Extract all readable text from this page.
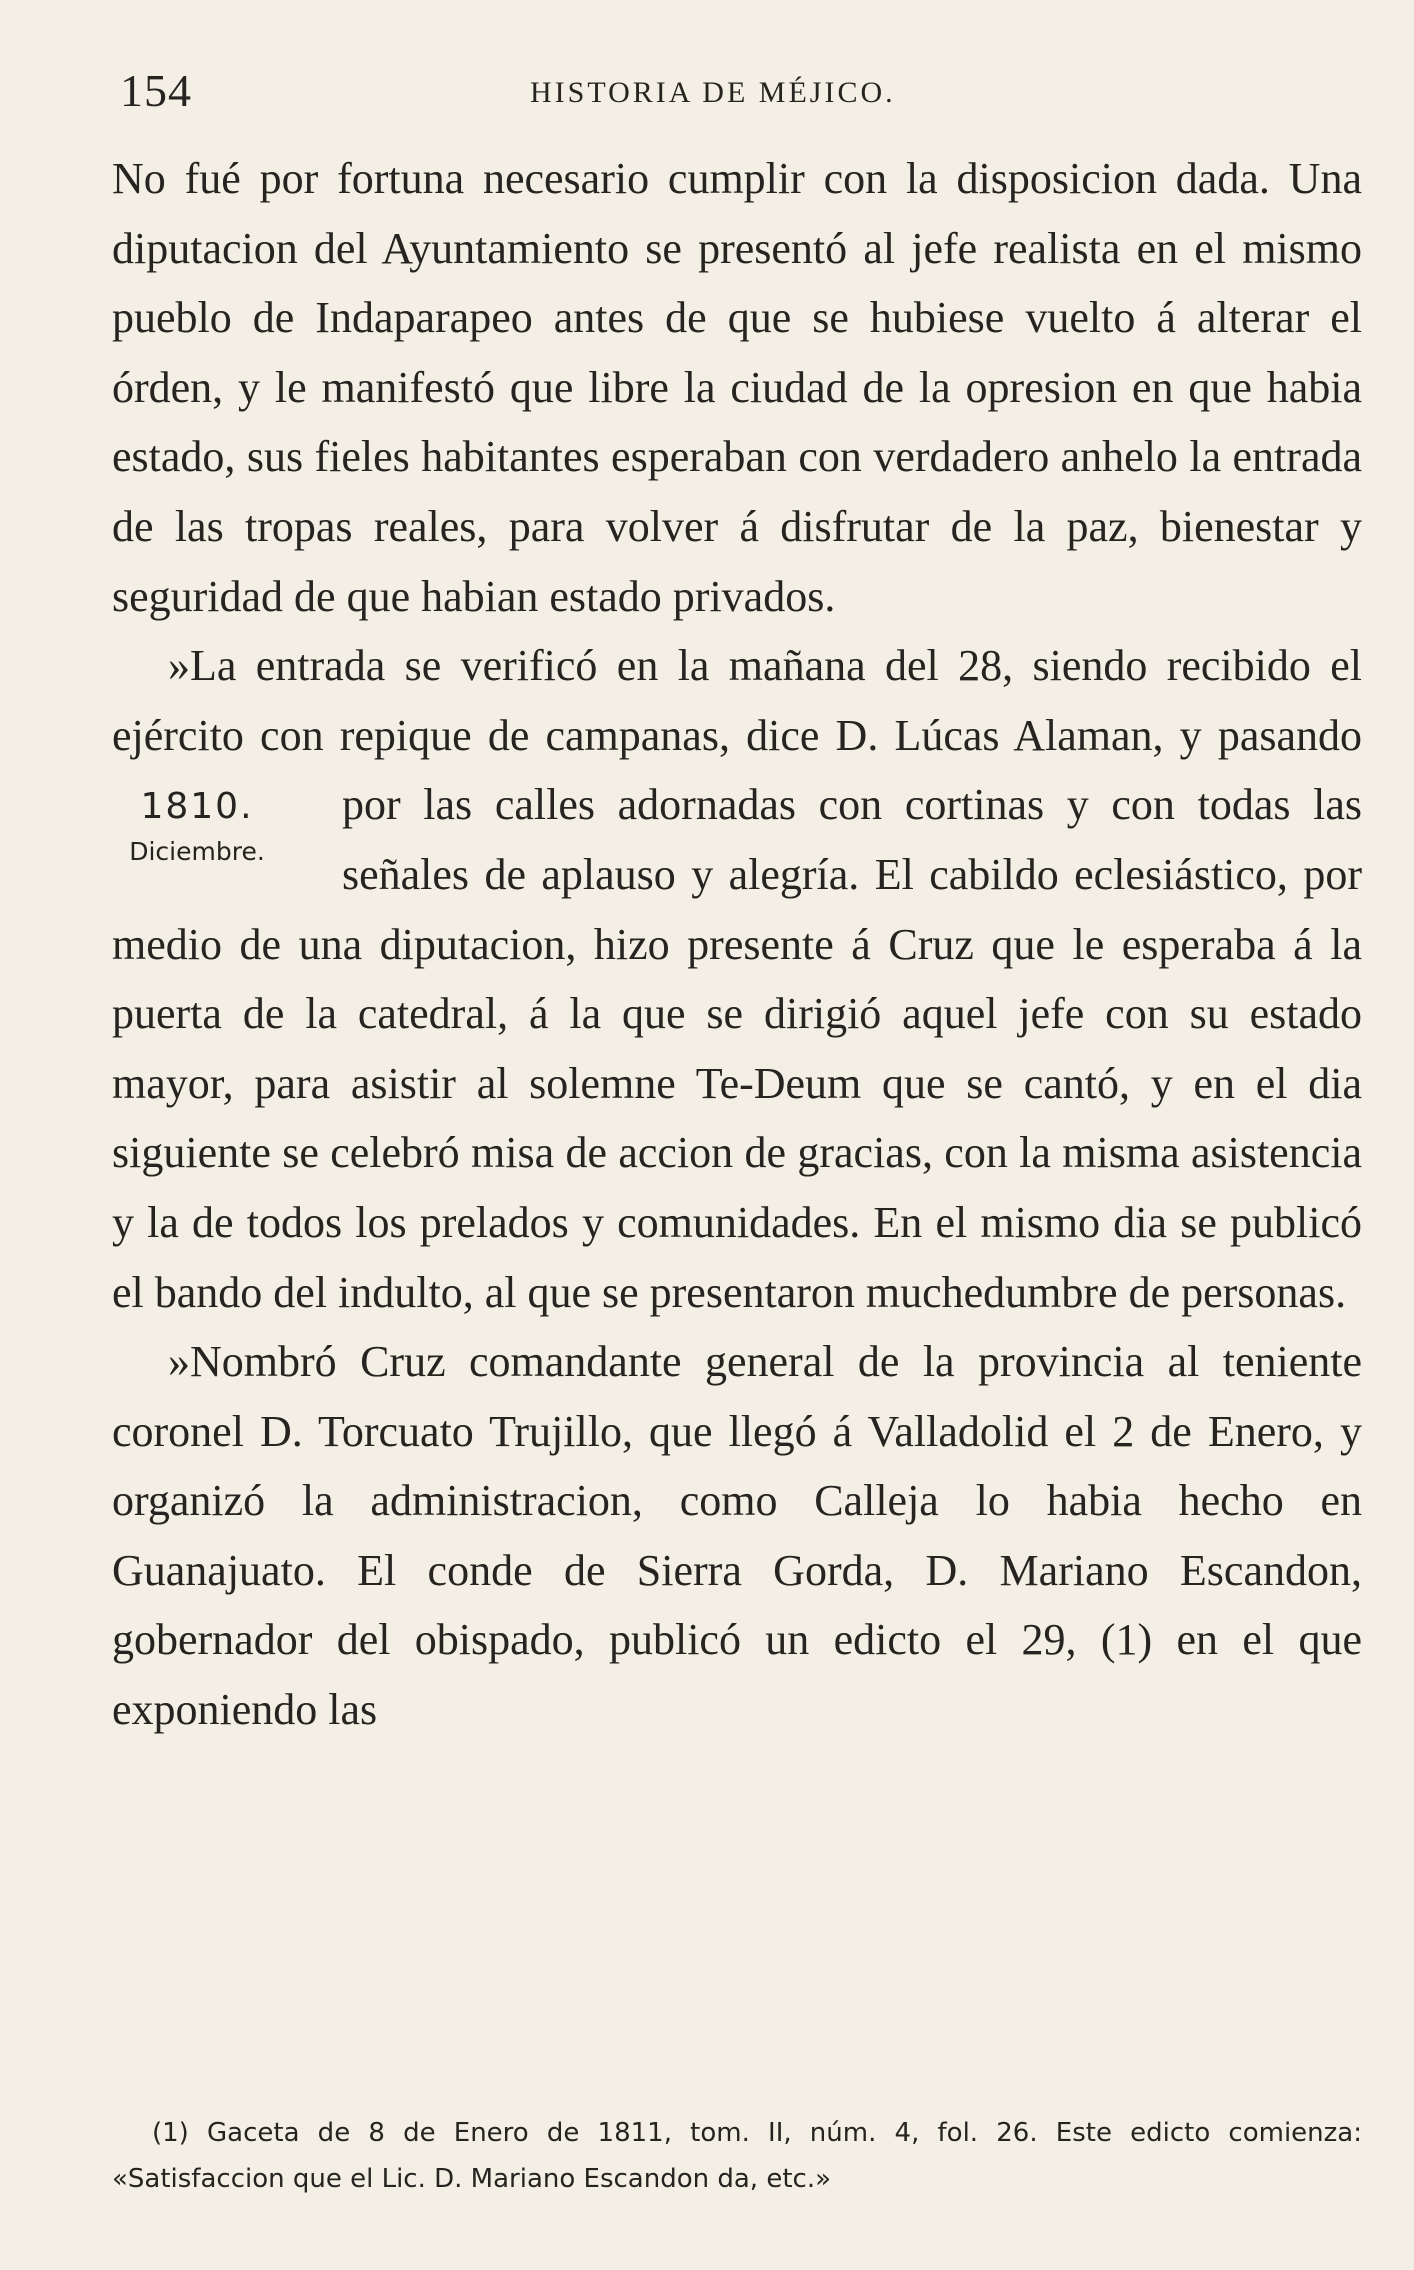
154	HISTORIA DE MÉJICO.

No fué por fortuna necesario cumplir con la disposicion dada. Una diputacion del Ayuntamiento se presentó al jefe realista en el mismo pueblo de Indaparapeo antes de que se hubiese vuelto á alterar el órden, y le manifestó que libre la ciudad de la opresion en que habia estado, sus fieles habitantes esperaban con verdadero anhelo la entrada de las tropas reales, para volver á disfrutar de la paz, bienestar y seguridad de que habian estado privados.

»La entrada se verificó en la mañana del 28, siendo recibido el ejército con repique de campanas, dice D. Lúcas Alaman, y pasando por las calles adornadas con cortinas y con
1810.
Diciembre.
todas las señales de aplauso y alegría. El cabildo eclesiástico, por medio de una diputacion, hizo presente á Cruz que le esperaba á la puerta de la catedral, á la que se dirigió aquel jefe con su estado mayor, para asistir al solemne Te-Deum que se cantó, y en el dia siguiente se celebró misa de accion de gracias, con la misma asistencia y la de todos los prelados y comunidades. En el mismo dia se publicó el bando del indulto, al que se presentaron muchedumbre de personas.

»Nombró Cruz comandante general de la provincia al teniente coronel D. Torcuato Trujillo, que llegó á Valladolid el 2 de Enero, y organizó la administracion, como Calleja lo habia hecho en Guanajuato. El conde de Sierra Gorda, D. Mariano Escandon, gobernador del obispado, publicó un edicto el 29, (1) en el que exponiendo las

(1) Gaceta de 8 de Enero de 1811, tom. II, núm. 4, fol. 26. Este edicto comienza: «Satisfaccion que el Lic. D. Mariano Escandon da, etc.»
